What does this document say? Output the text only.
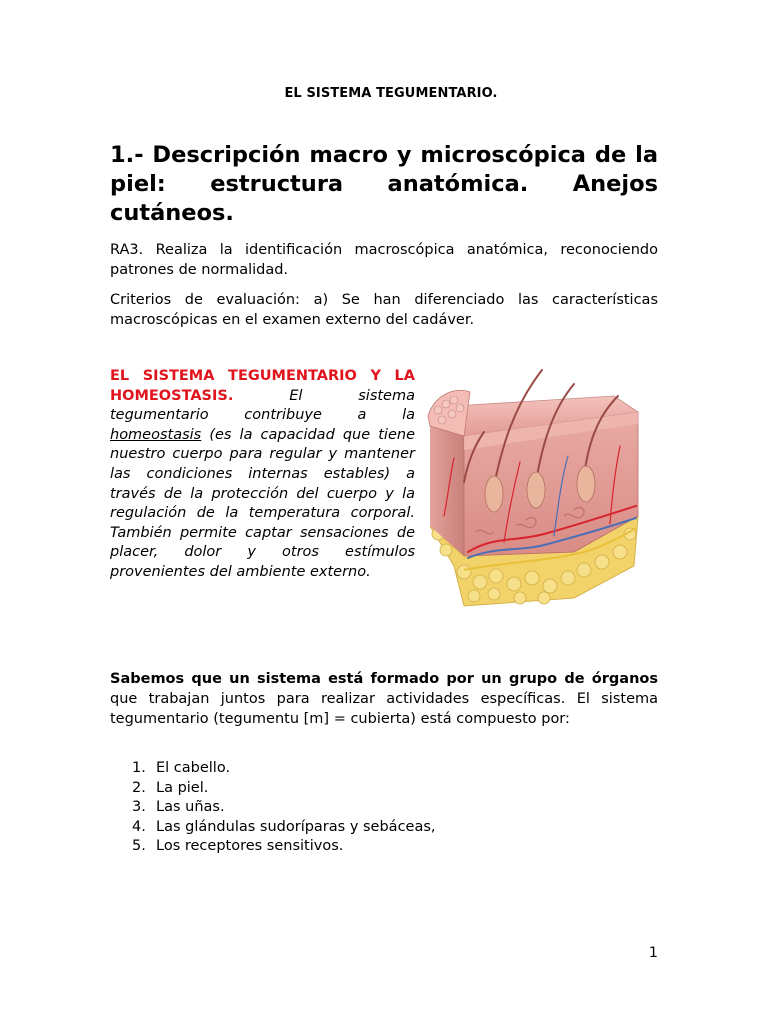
EL SISTEMA TEGUMENTARIO.
1.- Descripción macro y microscópica de la piel: estructura anatómica. Anejos cutáneos.
RA3. Realiza la identificación macroscópica anatómica, reconociendo patrones de normalidad.
Criterios de evaluación: a) Se han diferenciado las características macroscópicas en el examen externo del cadáver.
EL SISTEMA TEGUMENTARIO Y LA HOMEOSTASIS. El sistema tegumentario contribuye a la homeostasis (es la capacidad que tiene nuestro cuerpo para regular y mantener las condiciones internas estables) a través de la protección del cuerpo y la regulación de la temperatura corporal. También permite captar sensaciones de placer, dolor y otros estímulos provenientes del ambiente externo.
Sabemos que un sistema está formado por un grupo de órganos que trabajan juntos para realizar actividades específicas. El sistema tegumentario (tegumentu [m] = cubierta) está compuesto por:
1. El cabello.
2. La piel.
3. Las uñas.
4. Las glándulas sudoríparas y sebáceas,
5. Los receptores sensitivos.
1
